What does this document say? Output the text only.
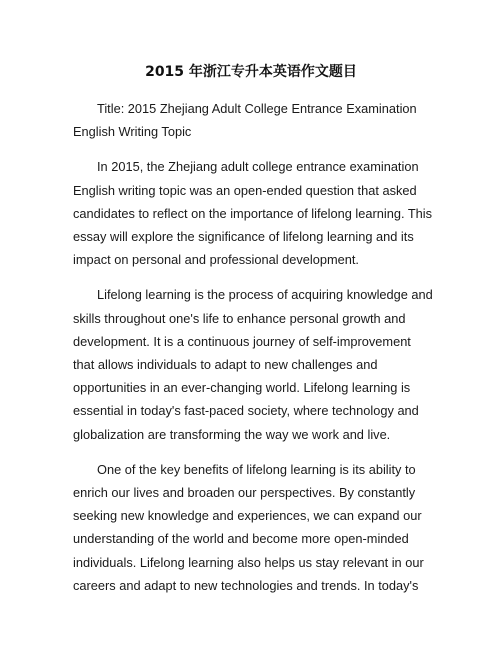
2015 年浙江专升本英语作文题目

Title: 2015 Zhejiang Adult College Entrance Examination English Writing Topic

In 2015, the Zhejiang adult college entrance examination English writing topic was an open-ended question that asked candidates to reflect on the importance of lifelong learning. This essay will explore the significance of lifelong learning and its impact on personal and professional development.

Lifelong learning is the process of acquiring knowledge and skills throughout one's life to enhance personal growth and development. It is a continuous journey of self-improvement that allows individuals to adapt to new challenges and opportunities in an ever-changing world. Lifelong learning is essential in today's fast-paced society, where technology and globalization are transforming the way we work and live.

One of the key benefits of lifelong learning is its ability to enrich our lives and broaden our perspectives. By constantly seeking new knowledge and experiences, we can expand our understanding of the world and become more open-minded individuals. Lifelong learning also helps us stay relevant in our careers and adapt to new technologies and trends. In today's
